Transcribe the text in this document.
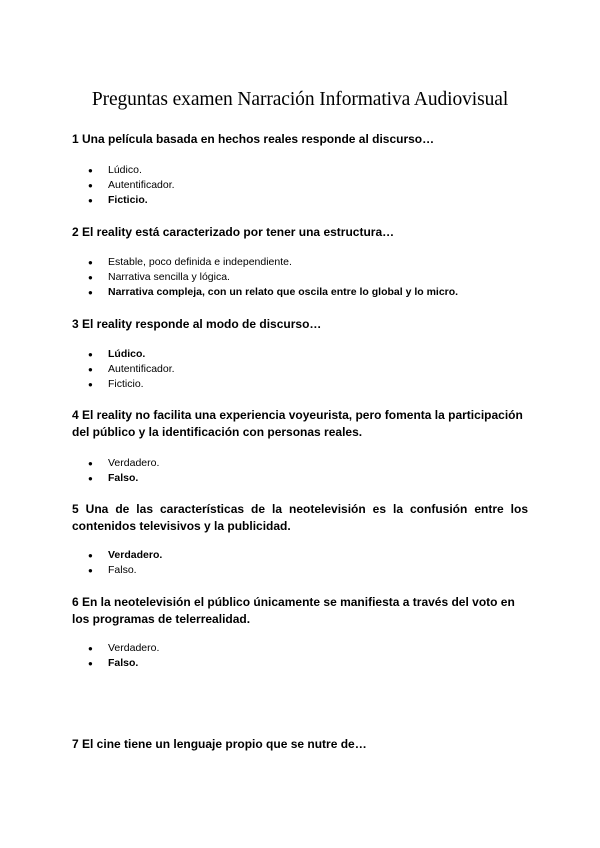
Preguntas examen Narración Informativa Audiovisual

1 Una película basada en hechos reales responde al discurso…

●	Lúdico.
●	Autentificador.
●	Ficticio.

2 El reality está caracterizado por tener una estructura…

●	Estable, poco definida e independiente.
●	Narrativa sencilla y lógica.
●	Narrativa compleja, con un relato que oscila entre lo global y lo micro.

3 El reality responde al modo de discurso…

●	Lúdico.
●	Autentificador.
●	Ficticio.

4 El reality no facilita una experiencia voyeurista, pero fomenta la participación del público y la identificación con personas reales.

●	Verdadero.
●	Falso.

5 Una de las características de la neotelevisión es la confusión entre los contenidos televisivos y la publicidad.

●	Verdadero.
●	Falso.

6 En la neotelevisión el público únicamente se manifiesta a través del voto en los programas de telerrealidad.

●	Verdadero.
●	Falso.

7 El cine tiene un lenguaje propio que se nutre de…
